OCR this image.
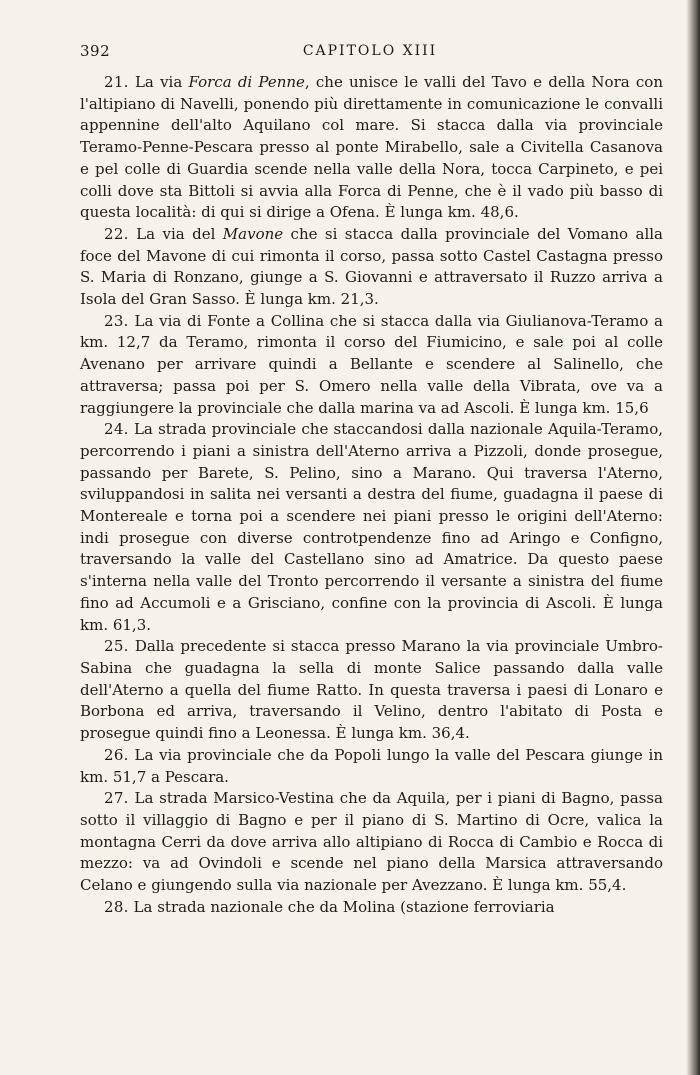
392	CAPITOLO XIII

21. La via Forca di Penne, che unisce le valli del Tavo e della Nora con l'altipiano di Navelli, ponendo più direttamente in comunicazione le convalli appennine dell'alto Aquilano col mare. Si stacca dalla via provinciale Teramo-Penne-Pescara presso al ponte Mirabello, sale a Civitella Casanova e pel colle di Guardia scende nella valle della Nora, tocca Carpineto, e pei colli dove sta Bittoli si avvia alla Forca di Penne, che è il vado più basso di questa località: di qui si dirige a Ofena. È lunga km. 48,6.

22. La via del Mavone che si stacca dalla provinciale del Vomano alla foce del Mavone di cui rimonta il corso, passa sotto Castel Castagna presso S. Maria di Ronzano, giunge a S. Giovanni e attraversato il Ruzzo arriva a Isola del Gran Sasso. È lunga km. 21,3.

23. La via di Fonte a Collina che si stacca dalla via Giulianova-Teramo a km. 12,7 da Teramo, rimonta il corso del Fiumicino, e sale poi al colle Avenano per arrivare quindi a Bellante e scendere al Salinello, che attraversa; passa poi per S. Omero nella valle della Vibrata, ove va a raggiungere la provinciale che dalla marina va ad Ascoli. È lunga km. 15,6

24. La strada provinciale che staccandosi dalla nazionale Aquila-Teramo, percorrendo i piani a sinistra dell'Aterno arriva a Pizzoli, donde prosegue, passando per Barete, S. Pelino, sino a Marano. Qui traversa l'Aterno, sviluppandosi in salita nei versanti a destra del fiume, guadagna il paese di Montereale e torna poi a scendere nei piani presso le origini dell'Aterno: indi prosegue con diverse controtpendenze fino ad Aringo e Configno, traversando la valle del Castellano sino ad Amatrice. Da questo paese s'interna nella valle del Tronto percorrendo il versante a sinistra del fiume fino ad Accumoli e a Grisciano, confine con la provincia di Ascoli. È lunga km. 61,3.

25. Dalla precedente si stacca presso Marano la via provinciale Umbro-Sabina che guadagna la sella di monte Salice passando dalla valle dell'Aterno a quella del fiume Ratto. In questa traversa i paesi di Lonaro e Borbona ed arriva, traversando il Velino, dentro l'abitato di Posta e prosegue quindi fino a Leonessa. È lunga km. 36,4.

26. La via provinciale che da Popoli lungo la valle del Pescara giunge in km. 51,7 a Pescara.

27. La strada Marsico-Vestina che da Aquila, per i piani di Bagno, passa sotto il villaggio di Bagno e per il piano di S. Martino di Ocre, valica la montagna Cerri da dove arriva allo altipiano di Rocca di Cambio e Rocca di mezzo: va ad Ovindoli e scende nel piano della Marsica attraversando Celano e giungendo sulla via nazionale per Avezzano. È lunga km. 55,4.

28. La strada nazionale che da Molina (stazione ferroviaria
